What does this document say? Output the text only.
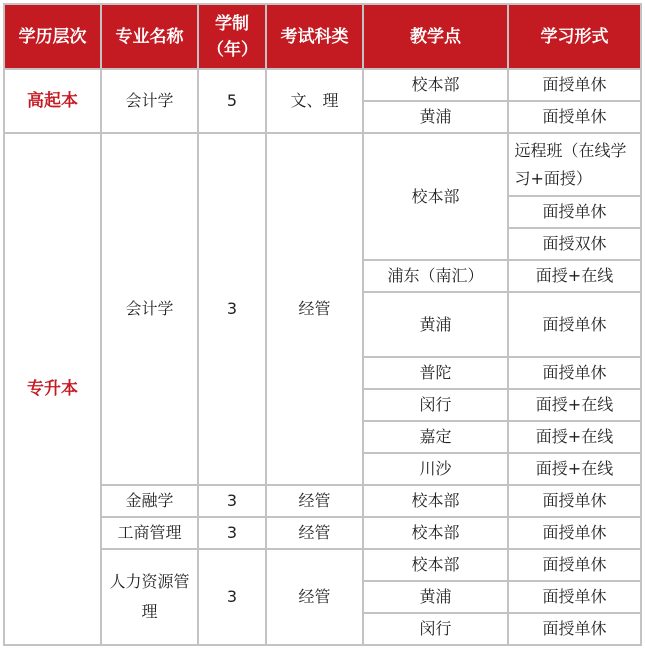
学历层次	专业名称	学制（年）	考试科类	教学点	学习形式
高起本	会计学	5	文、理	校本部	面授单休
				黄浦	面授单休
专升本	会计学	3	经管	校本部	远程班（在线学习+面授）

					面授单休
					面授双休
				浦东（南汇）	面授+在线
				黄浦	面授单休
				普陀	面授单休
				闵行	面授+在线
				嘉定	面授+在线
				川沙	面授+在线
	金融学	3	经管	校本部	面授单休
	工商管理	3	经管	校本部	面授单休

	人力资源管理	3	经管	校本部	面授单休
				黄浦	面授单休
				闵行	面授单休
